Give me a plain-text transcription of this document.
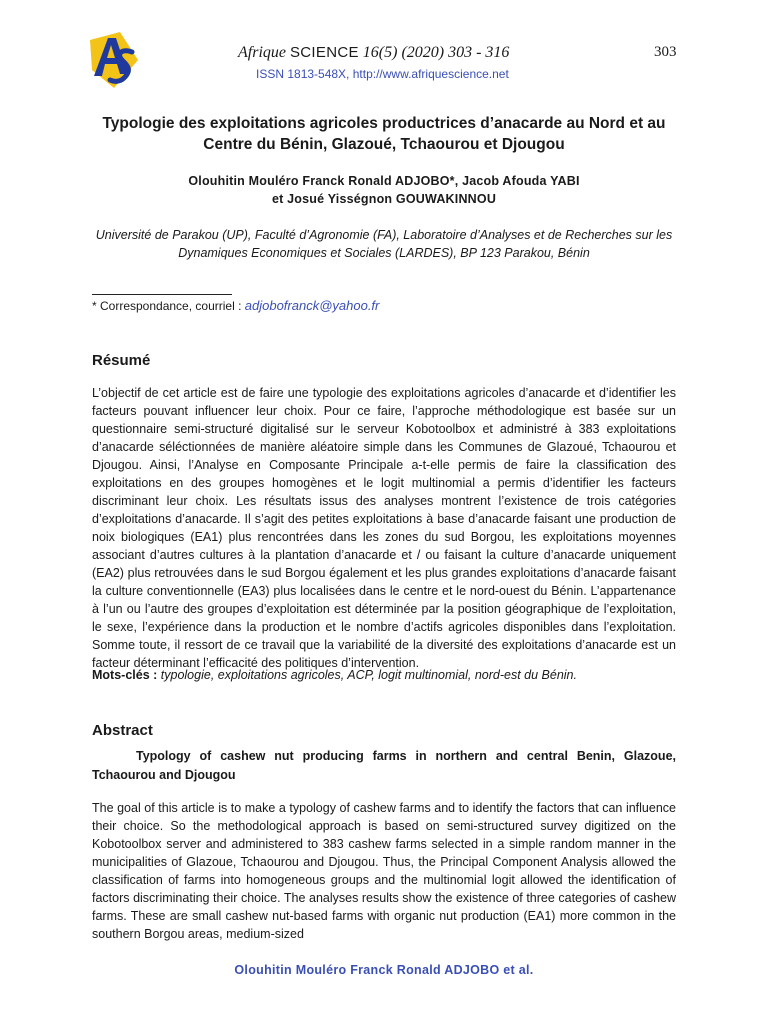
Afrique SCIENCE 16(5) (2020) 303 - 316	303
ISSN 1813-548X, http://www.afriquescience.net
Typologie des exploitations agricoles productrices d’anacarde au Nord et au Centre du Bénin, Glazoué, Tchaourou et Djougou
Olouhitin Mouléro Franck Ronald ADJOBO*, Jacob Afouda YABI
et Josué Yisségnon GOUWAKINNOU
Université de Parakou (UP), Faculté d’Agronomie (FA), Laboratoire d’Analyses et de Recherches sur les Dynamiques Economiques et Sociales (LARDES), BP 123 Parakou, Bénin
* Correspondance, courriel : adjobofranck@yahoo.fr
Résumé
L’objectif de cet article est de faire une typologie des exploitations agricoles d’anacarde et d’identifier les facteurs pouvant influencer leur choix. Pour ce faire, l’approche méthodologique est basée sur un questionnaire semi-structuré digitalisé sur le serveur Kobotoolbox et administré à 383 exploitations d’anacarde séléctionnées de manière aléatoire simple dans les Communes de Glazoué, Tchaourou et Djougou. Ainsi, l’Analyse en Composante Principale a-t-elle permis de faire la classification des exploitations en des groupes homogènes et le logit multinomial a permis d’identifier les facteurs discriminant leur choix. Les résultats issus des analyses montrent l’existence de trois catégories d’exploitations d’anacarde. Il s’agit des petites exploitations à base d’anacarde faisant une production de noix biologiques (EA1) plus rencontrées dans les zones du sud Borgou, les exploitations moyennes associant d’autres cultures à la plantation d’anacarde et / ou faisant la culture d’anacarde uniquement (EA2) plus retrouvées dans le sud Borgou également et les plus grandes exploitations d’anacarde faisant la culture conventionnelle (EA3) plus localisées dans le centre et le nord-ouest du Bénin. L’appartenance à l’un ou l’autre des groupes d’exploitation est déterminée par la position géographique de l’exploitation, le sexe, l’expérience dans la production et le nombre d’actifs agricoles disponibles dans l’exploitation. Somme toute, il ressort de ce travail que la variabilité de la diversité des exploitations d’anacarde est un facteur déterminant l’efficacité des politiques d’intervention.
Mots-clés : typologie, exploitations agricoles, ACP, logit multinomial, nord-est du Bénin.
Abstract
Typology of cashew nut producing farms in northern and central Benin, Glazoue, Tchaourou and Djougou
The goal of this article is to make a typology of cashew farms and to identify the factors that can influence their choice. So the methodological approach is based on semi-structured survey digitized on the Kobotoolbox server and administered to 383 cashew farms selected in a simple random manner in the municipalities of Glazoue, Tchaourou and Djougou. Thus, the Principal Component Analysis allowed the classification of farms into homogeneous groups and the multinomial logit allowed the identification of factors discriminating their choice. The analyses results show the existence of three categories of cashew farms. These are small cashew nut-based farms with organic nut production (EA1) more common in the southern Borgou areas, medium-sized
Olouhitin Mouléro Franck Ronald ADJOBO et al.
